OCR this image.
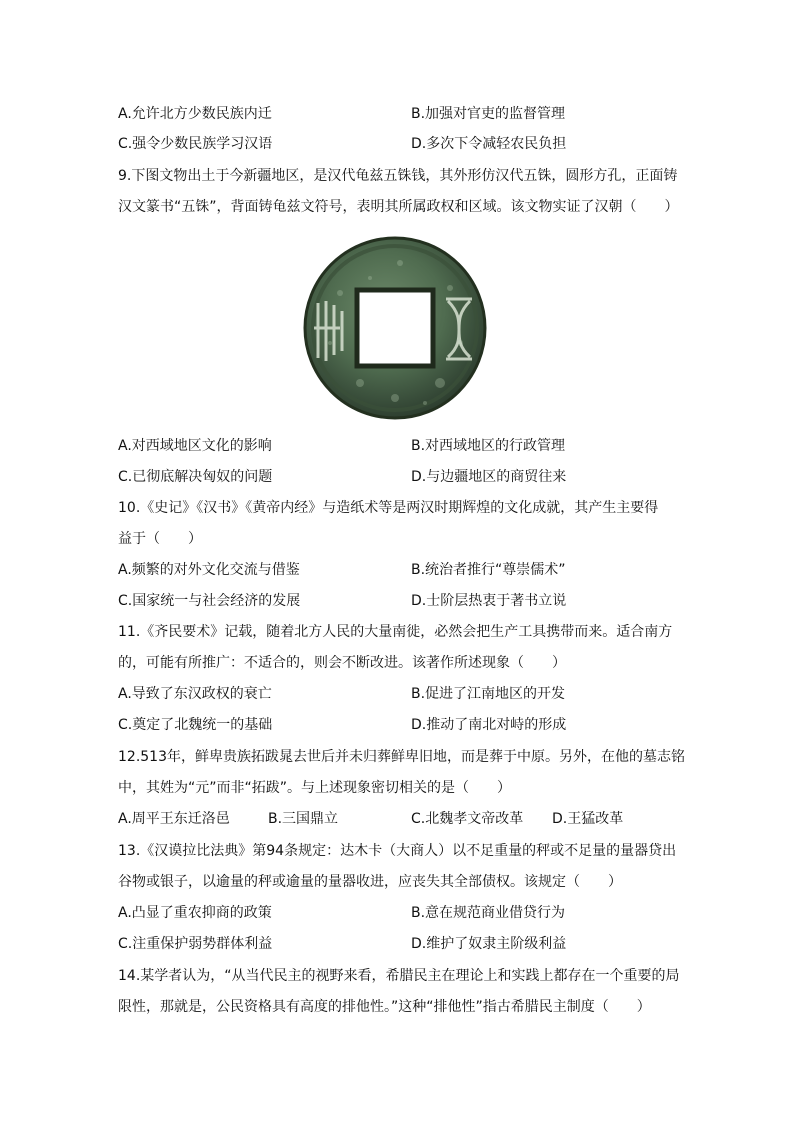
A.允许北方少数民族内迁	B.加强对官吏的监督管理
C.强令少数民族学习汉语	D.多次下令减轻农民负担
9.下图文物出土于今新疆地区，是汉代龟兹五铢钱，其外形仿汉代五铢，圆形方孔，正面铸
汉文篆书“五铢”，背面铸龟兹文符号，表明其所属政权和区域。该文物实证了汉朝（　　）
A.对西域地区文化的影响	B.对西域地区的行政管理
C.已彻底解决匈奴的问题	D.与边疆地区的商贸往来
10.《史记》《汉书》《黄帝内经》与造纸术等是两汉时期辉煌的文化成就，其产生主要得
益于（　　）
A.频繁的对外文化交流与借鉴	B.统治者推行“尊崇儒术”
C.国家统一与社会经济的发展	D.士阶层热衷于著书立说
11.《齐民要术》记载，随着北方人民的大量南徙，必然会把生产工具携带而来。适合南方
的，可能有所推广：不适合的，则会不断改进。该著作所述现象（　　）
A.导致了东汉政权的衰亡	B.促进了江南地区的开发
C.奠定了北魏统一的基础	D.推动了南北对峙的形成
12.513年，鲜卑贵族拓跋晁去世后并未归葬鲜卑旧地，而是葬于中原。另外，在他的墓志铭
中，其姓为“元”而非“拓跋”。与上述现象密切相关的是（　　）
A.周平王东迁洛邑	B.三国鼎立	C.北魏孝文帝改革 D.王猛改革
13.《汉谟拉比法典》第94条规定：达木卡（大商人）以不足重量的秤或不足量的量器贷出
谷物或银子，以逾量的秤或逾量的量器收进，应丧失其全部债权。该规定（　　）
A.凸显了重农抑商的政策	B.意在规范商业借贷行为
C.注重保护弱势群体利益	D.维护了奴隶主阶级利益
14.某学者认为，“从当代民主的视野来看，希腊民主在理论上和实践上都存在一个重要的局
限性，那就是，公民资格具有高度的排他性。”这种“排他性”指古希腊民主制度（　　）
